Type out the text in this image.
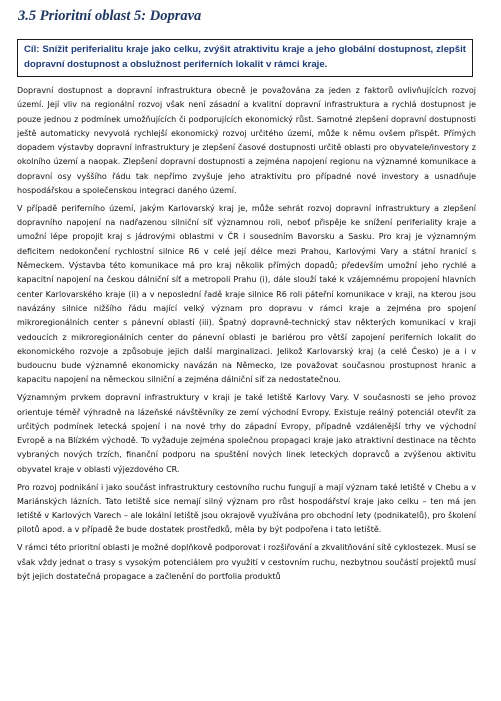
3.5 Prioritní oblast 5: Doprava
Cíl: Snížit periferialitu kraje jako celku, zvýšit atraktivitu kraje a jeho globální dostupnost, zlepšit dopravní dostupnost a obslužnost periferních lokalit v rámci kraje.

Dopravní dostupnost a dopravní infrastruktura obecně je považována za jeden z faktorů ovlivňujících rozvoj území. Její vliv na regionální rozvoj však není zásadní a kvalitní dopravní infrastruktura a rychlá dostupnost je pouze jednou z podmínek umožňujících či podporujících ekonomický růst. Samotné zlepšení dopravní dostupnosti ještě automaticky nevyvolá rychlejší ekonomický rozvoj určitého území, může k němu ovšem přispět. Přímých dopadem výstavby dopravní infrastruktury je zlepšení časové dostupnosti určitě oblasti pro obyvatele/investory z okolního území a naopak. Zlepšení dopravní dostupnosti a zejména napojení regionu na významné komunikace a dopravní osy vyššího řádu tak nepřímo zvyšuje jeho atraktivitu pro případné nové investory a usnadňuje hospodářskou a společenskou integraci daného území.

V případě periferního území, jakým Karlovarský kraj je, může sehrát rozvoj dopravní infrastruktury a zlepšení dopravního napojení na nadřazenou silniční síť významnou roli, neboť přispěje ke snížení periferiality kraje a umožní lépe propojit kraj s jádrovými oblastmi v ČR i sousedním Bavorsku a Sasku. Pro kraj je významným deficitem nedokončení rychlostní silnice R6 v celé její délce mezi Prahou, Karlovými Vary a státní hranicí s Německem. Výstavba této komunikace má pro kraj několik přímých dopadů; především umožní jeho rychlé a kapacitní napojení na českou dálniční síť a metropoli Prahu (i), dále slouží také k vzájemnému propojení hlavních center Karlovarského kraje (ii) a v neposlední řadě kraje silnice R6 roli páteřní komunikace v kraji, na kterou jsou navázány silnice nižšího řádu mající velký význam pro dopravu v rámci kraje a zejména pro spojení mikroregionálních center s pánevní oblastí (iii). Špatný dopravně-technický stav některých komunikací v kraji vedoucích z mikroregionálních center do pánevní oblasti je bariérou pro větší zapojení periferních lokalit do ekonomického rozvoje a způsobuje jejich další marginalizaci. Jelikož Karlovarský kraj (a celé Česko) je a i v budoucnu bude významně ekonomicky navázán na Německo, lze považovat současnou prostupnost hranic a kapacitu napojení na německou silniční a zejména dálniční síť za nedostatečnou.

Významným prvkem dopravní infrastruktury v kraji je také letiště Karlovy Vary. V současnosti se jeho provoz orientuje téměř výhradně na lázeňské návštěvníky ze zemí východní Evropy. Existuje reálný potenciál otevřít za určitých podmínek letecká spojení i na nové trhy do západní Evropy, případně vzdálenější trhy ve východní Evropě a na Blízkém východě. To vyžaduje zejména společnou propagaci kraje jako atraktivní destinace na těchto vybraných nových trzích, finanční podporu na spuštění nových linek leteckých dopravců a zvýšenou aktivitu obyvatel kraje v oblasti výjezdového CR.

Pro rozvoj podnikání i jako součást infrastruktury cestovního ruchu fungují a mají význam také letiště v Chebu a v Mariánských lázních. Tato letiště sice nemají silný význam pro růst hospodářství kraje jako celku – ten má jen letiště v Karlových Varech – ale lokální letiště jsou okrajově využívána pro obchodní lety (podnikatelů), pro školení pilotů apod. a v případě že bude dostatek prostředků, měla by být podpořena i tato letiště.

V rámci této prioritní oblasti je možné doplňkově podporovat i rozšiřování a zkvalitňování sítě cyklostezek. Musí se však vždy jednat o trasy s vysokým potenciálem pro využití v cestovním ruchu, nezbytnou součástí projektů musí být jejich dostatečná propagace a začlenění do portfolia produktů
